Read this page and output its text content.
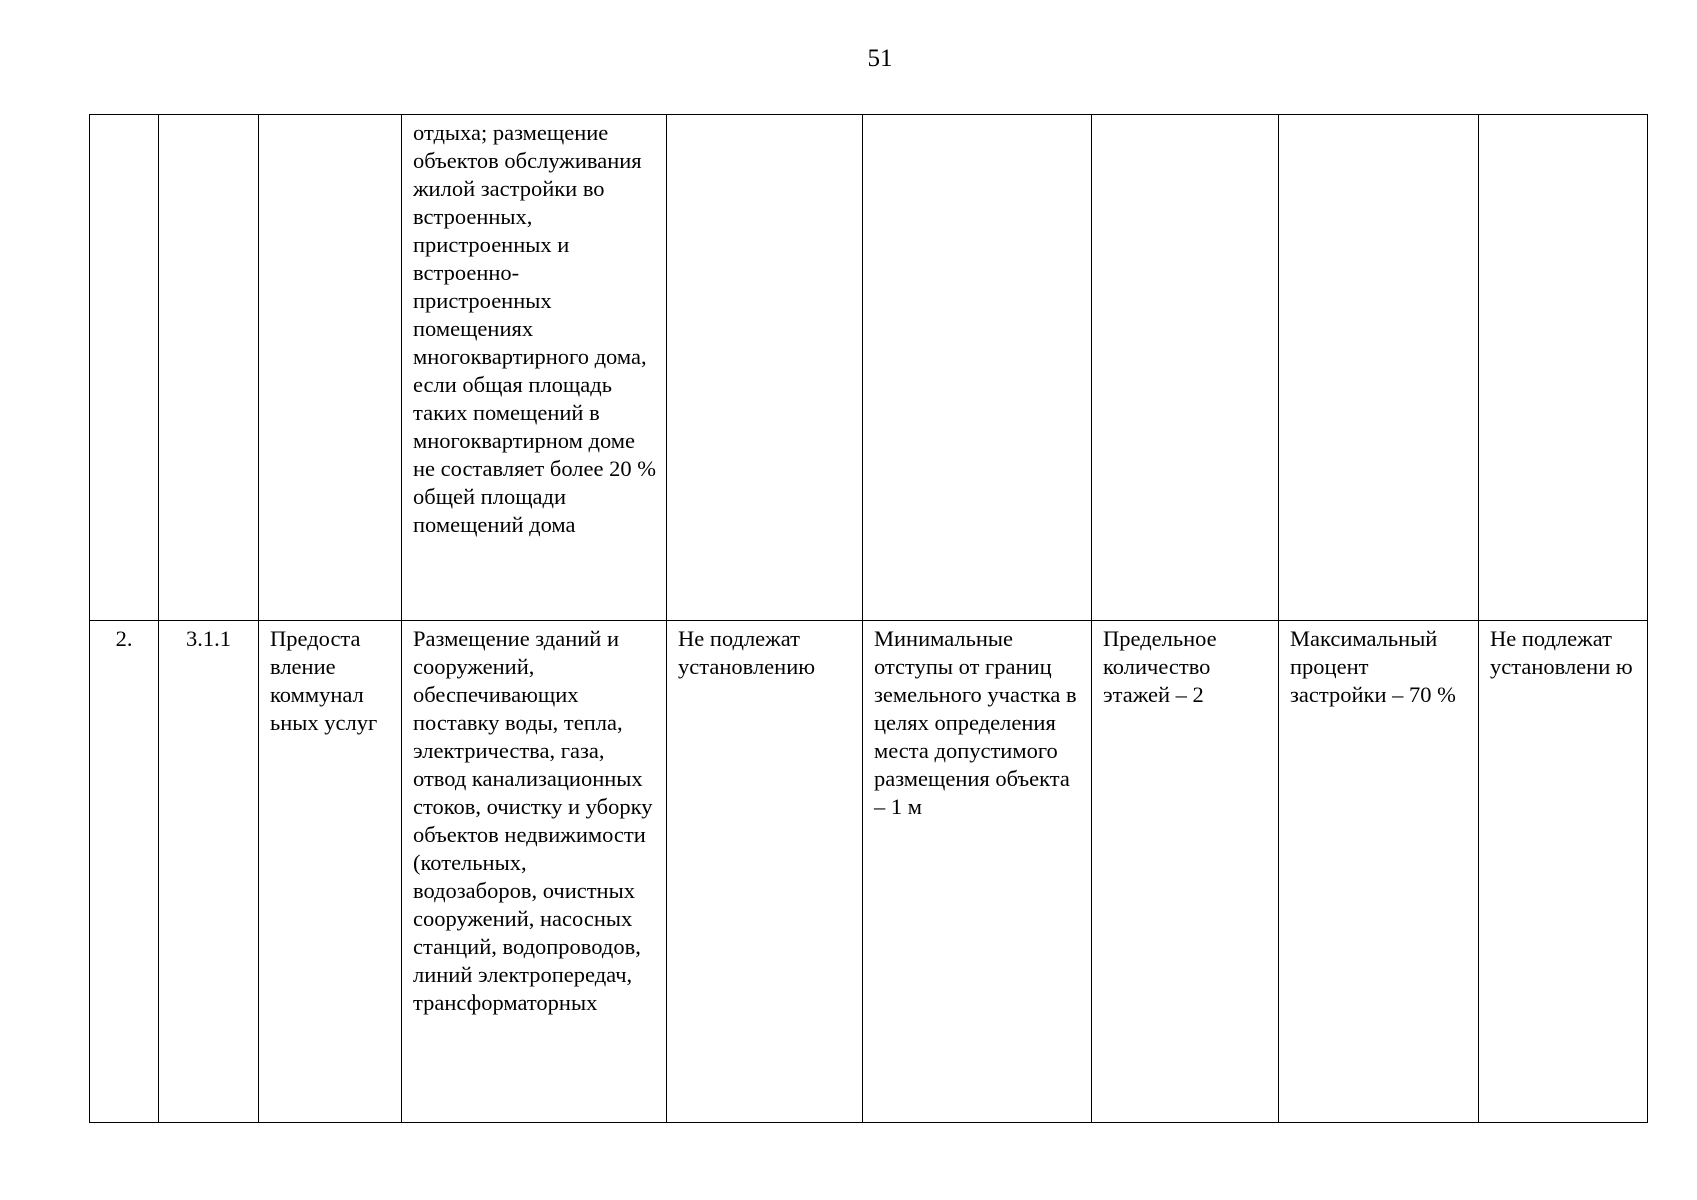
51

			отдыха; размещение объектов обслуживания жилой застройки во встроенных, пристроенных и встроенно-пристроенных помещениях многоквартирного дома, если общая площадь таких помещений в многоквартирном доме не составляет более 20 % общей площади помещений дома					

2.	3.1.1	Предоста вление коммунал ьных услуг	Размещение зданий и сооружений, обеспечивающих поставку воды, тепла, электричества, газа, отвод канализационных стоков, очистку и уборку объектов недвижимости (котельных, водозаборов, очистных сооружений, насосных станций, водопроводов, линий электропередач, трансформаторных	Не подлежат установлению	Минимальные отступы от границ земельного участка в целях определения места допустимого размещения объекта – 1 м	Предельное количество этажей – 2	Максимальный процент застройки – 70 %	Не подлежат установлени ю
